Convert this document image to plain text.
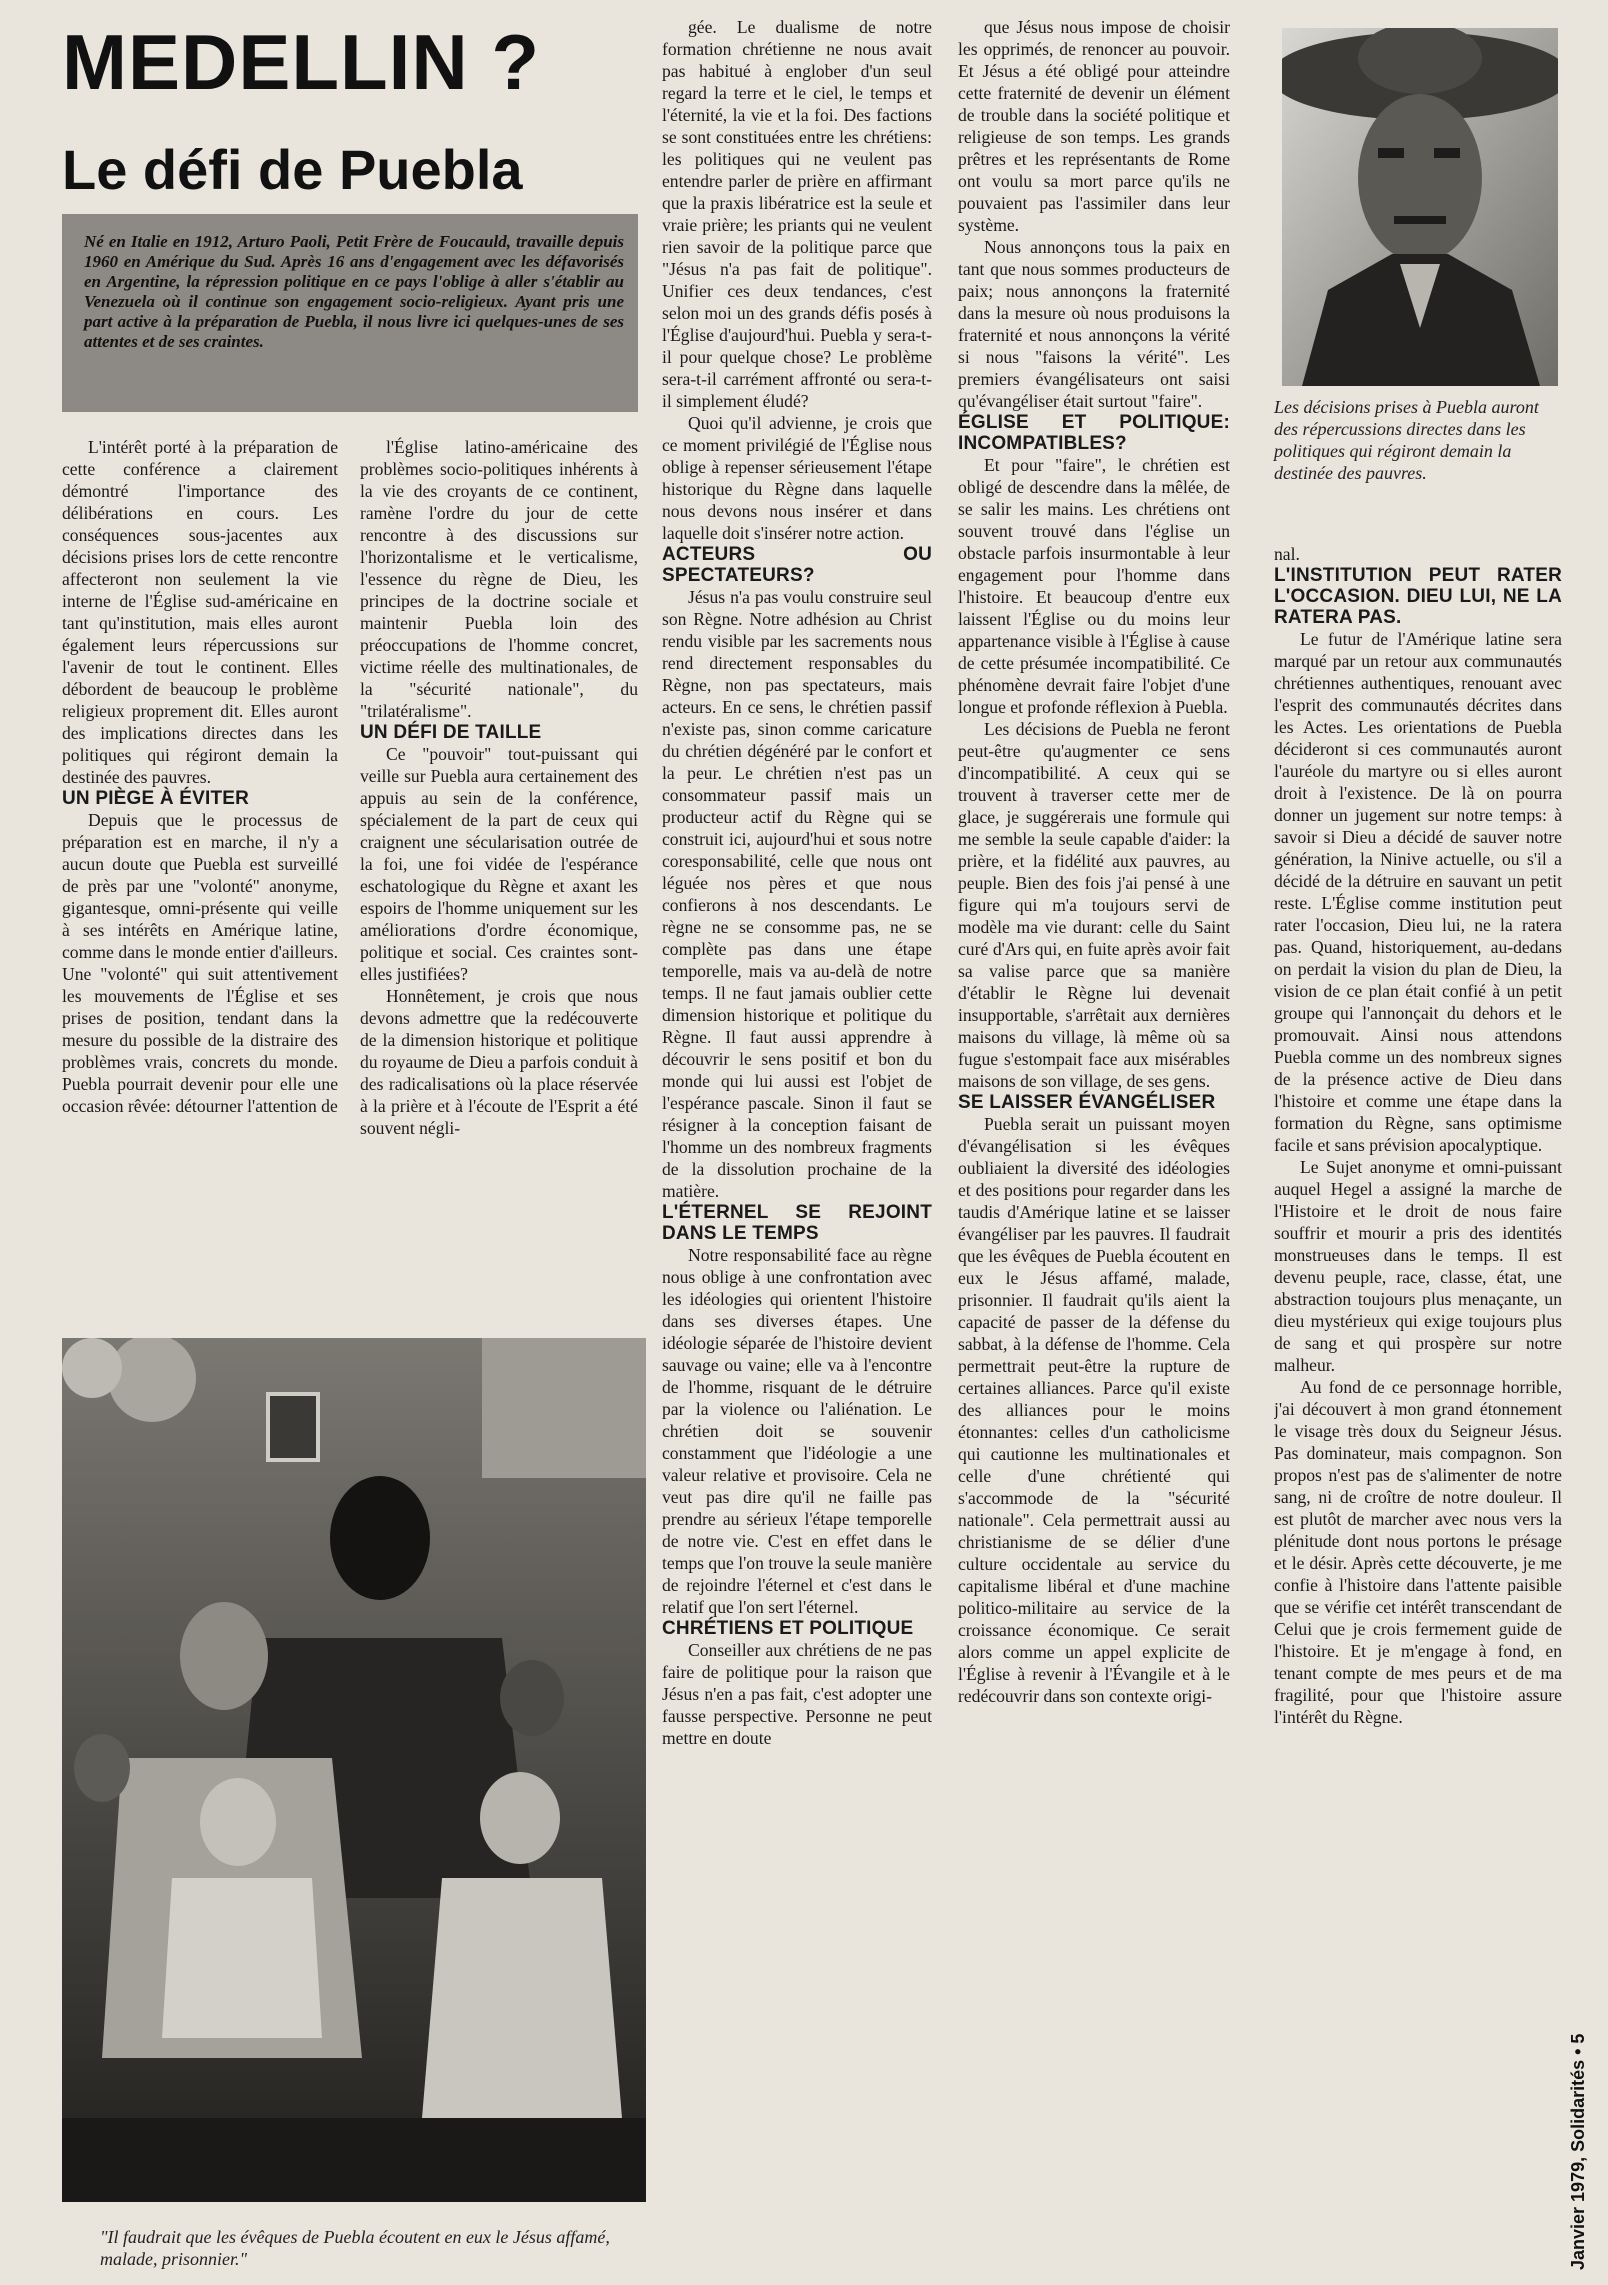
MEDELLIN ?
Le défi de Puebla
Né en Italie en 1912, Arturo Paoli, Petit Frère de Foucauld, travaille depuis 1960 en Amérique du Sud. Après 16 ans d'engagement avec les défavorisés en Argentine, la répression politique en ce pays l'oblige à aller s'établir au Venezuela où il continue son engagement socio-religieux. Ayant pris une part active à la préparation de Puebla, il nous livre ici quelques-unes de ses attentes et de ses craintes.

L'intérêt porté à la préparation de cette conférence a clairement démontré l'importance des délibérations en cours. Les conséquences sous-jacentes aux décisions prises lors de cette rencontre affecteront non seulement la vie interne de l'Église sud-américaine en tant qu'institution, mais elles auront également leurs répercussions sur l'avenir de tout le continent. Elles débordent de beaucoup le problème religieux proprement dit. Elles auront des implications directes dans les politiques qui régiront demain la destinée des pauvres.

UN PIÈGE À ÉVITER

Depuis que le processus de préparation est en marche, il n'y a aucun doute que Puebla est surveillé de près par une "volonté" anonyme, gigantesque, omni-présente qui veille à ses intérêts en Amérique latine, comme dans le monde entier d'ailleurs. Une "volonté" qui suit attentivement les mouvements de l'Église et ses prises de position, tendant dans la mesure du possible de la distraire des problèmes vrais, concrets du monde. Puebla pourrait devenir pour elle une occasion rêvée: détourner l'attention de

l'Église latino-américaine des problèmes socio-politiques inhérents à la vie des croyants de ce continent, ramène l'ordre du jour de cette rencontre à des discussions sur l'horizontalisme et le verticalisme, l'essence du règne de Dieu, les principes de la doctrine sociale et maintenir Puebla loin des préoccupations de l'homme concret, victime réelle des multinationales, de la "sécurité nationale", du "trilatéralisme".

UN DÉFI DE TAILLE

Ce "pouvoir" tout-puissant qui veille sur Puebla aura certainement des appuis au sein de la conférence, spécialement de la part de ceux qui craignent une sécularisation outrée de la foi, une foi vidée de l'espérance eschatologique du Règne et axant les espoirs de l'homme uniquement sur les améliorations d'ordre économique, politique et social. Ces craintes sont-elles justifiées?

Honnêtement, je crois que nous devons admettre que la redécouverte de la dimension historique et politique du royaume de Dieu a parfois conduit à des radicalisations où la place réservée à la prière et à l'écoute de l'Esprit a été souvent négli-

gée. Le dualisme de notre formation chrétienne ne nous avait pas habitué à englober d'un seul regard la terre et le ciel, le temps et l'éternité, la vie et la foi. Des factions se sont constituées entre les chrétiens: les politiques qui ne veulent pas entendre parler de prière en affirmant que la praxis libératrice est la seule et vraie prière; les priants qui ne veulent rien savoir de la politique parce que "Jésus n'a pas fait de politique". Unifier ces deux tendances, c'est selon moi un des grands défis posés à l'Église d'aujourd'hui. Puebla y sera-t-il pour quelque chose? Le problème sera-t-il carrément affronté ou sera-t-il simplement éludé?

Quoi qu'il advienne, je crois que ce moment privilégié de l'Église nous oblige à repenser sérieusement l'étape historique du Règne dans laquelle nous devons nous insérer et dans laquelle doit s'insérer notre action.

ACTEURS OU SPECTATEURS?

Jésus n'a pas voulu construire seul son Règne. Notre adhésion au Christ rendu visible par les sacrements nous rend directement responsables du Règne, non pas spectateurs, mais acteurs. En ce sens, le chrétien passif n'existe pas, sinon comme caricature du chrétien dégénéré par le confort et la peur. Le chrétien n'est pas un consommateur passif mais un producteur actif du Règne qui se construit ici, aujourd'hui et sous notre coresponsabilité, celle que nous ont léguée nos pères et que nous confierons à nos descendants. Le règne ne se consomme pas, ne se complète pas dans une étape temporelle, mais va au-delà de notre temps. Il ne faut jamais oublier cette dimension historique et politique du Règne. Il faut aussi apprendre à découvrir le sens positif et bon du monde qui lui aussi est l'objet de l'espérance pascale. Sinon il faut se résigner à la conception faisant de l'homme un des nombreux fragments de la dissolution prochaine de la matière.

L'ÉTERNEL SE REJOINT DANS LE TEMPS

Notre responsabilité face au règne nous oblige à une confrontation avec les idéologies qui orientent l'histoire dans ses diverses étapes. Une idéologie séparée de l'histoire devient sauvage ou vaine; elle va à l'encontre de l'homme, risquant de le détruire par la violence ou l'aliénation. Le chrétien doit se souvenir constamment que l'idéologie a une valeur relative et provisoire. Cela ne veut pas dire qu'il ne faille pas prendre au sérieux l'étape temporelle de notre vie. C'est en effet dans le temps que l'on trouve la seule manière de rejoindre l'éternel et c'est dans le relatif que l'on sert l'éternel.

CHRÉTIENS ET POLITIQUE

Conseiller aux chrétiens de ne pas faire de politique pour la raison que Jésus n'en a pas fait, c'est adopter une fausse perspective. Personne ne peut mettre en doute

que Jésus nous impose de choisir les opprimés, de renoncer au pouvoir. Et Jésus a été obligé pour atteindre cette fraternité de devenir un élément de trouble dans la société politique et religieuse de son temps. Les grands prêtres et les représentants de Rome ont voulu sa mort parce qu'ils ne pouvaient pas l'assimiler dans leur système.

Nous annonçons tous la paix en tant que nous sommes producteurs de paix; nous annonçons la fraternité dans la mesure où nous produisons la fraternité et nous annonçons la vérité si nous "faisons la vérité". Les premiers évangélisateurs ont saisi qu'évangéliser était surtout "faire".

ÉGLISE ET POLITIQUE: INCOMPATIBLES?

Et pour "faire", le chrétien est obligé de descendre dans la mêlée, de se salir les mains. Les chrétiens ont souvent trouvé dans l'église un obstacle parfois insurmontable à leur engagement pour l'homme dans l'histoire. Et beaucoup d'entre eux laissent l'Église ou du moins leur appartenance visible à l'Église à cause de cette présumée incompatibilité. Ce phénomène devrait faire l'objet d'une longue et profonde réflexion à Puebla.

Les décisions de Puebla ne feront peut-être qu'augmenter ce sens d'incompatibilité. A ceux qui se trouvent à traverser cette mer de glace, je suggérerais une formule qui me semble la seule capable d'aider: la prière, et la fidélité aux pauvres, au peuple. Bien des fois j'ai pensé à une figure qui m'a toujours servi de modèle ma vie durant: celle du Saint curé d'Ars qui, en fuite après avoir fait sa valise parce que sa manière d'établir le Règne lui devenait insupportable, s'arrêtait aux dernières maisons du village, là même où sa fugue s'estompait face aux misérables maisons de son village, de ses gens.

SE LAISSER ÉVANGÉLISER

Puebla serait un puissant moyen d'évangélisation si les évêques oubliaient la diversité des idéologies et des positions pour regarder dans les taudis d'Amérique latine et se laisser évangéliser par les pauvres. Il faudrait que les évêques de Puebla écoutent en eux le Jésus affamé, malade, prisonnier. Il faudrait qu'ils aient la capacité de passer de la défense du sabbat, à la défense de l'homme. Cela permettrait peut-être la rupture de certaines alliances. Parce qu'il existe des alliances pour le moins étonnantes: celles d'un catholicisme qui cautionne les multinationales et celle d'une chrétienté qui s'accommode de la "sécurité nationale". Cela permettrait aussi au christianisme de se délier d'une culture occidentale au service du capitalisme libéral et d'une machine politico-militaire au service de la croissance économique. Ce serait alors comme un appel explicite de l'Église à revenir à l'Évangile et à le redécouvrir dans son contexte origi-

nal.

L'INSTITUTION PEUT RATER L'OCCASION. DIEU LUI, NE LA RATERA PAS.

Le futur de l'Amérique latine sera marqué par un retour aux communautés chrétiennes authentiques, renouant avec l'esprit des communautés décrites dans les Actes. Les orientations de Puebla décideront si ces communautés auront l'auréole du martyre ou si elles auront droit à l'existence. De là on pourra donner un jugement sur notre temps: à savoir si Dieu a décidé de sauver notre génération, la Ninive actuelle, ou s'il a décidé de la détruire en sauvant un petit reste. L'Église comme institution peut rater l'occasion, Dieu lui, ne la ratera pas. Quand, historiquement, au-dedans on perdait la vision du plan de Dieu, la vision de ce plan était confié à un petit groupe qui l'annonçait du dehors et le promouvait. Ainsi nous attendons Puebla comme un des nombreux signes de la présence active de Dieu dans l'histoire et comme une étape dans la formation du Règne, sans optimisme facile et sans prévision apocalyptique.

Le Sujet anonyme et omni-puissant auquel Hegel a assigné la marche de l'Histoire et le droit de nous faire souffrir et mourir a pris des identités monstrueuses dans le temps. Il est devenu peuple, race, classe, état, une abstraction toujours plus menaçante, un dieu mystérieux qui exige toujours plus de sang et qui prospère sur notre malheur.

Au fond de ce personnage horrible, j'ai découvert à mon grand étonnement le visage très doux du Seigneur Jésus. Pas dominateur, mais compagnon. Son propos n'est pas de s'alimenter de notre sang, ni de croître de notre douleur. Il est plutôt de marcher avec nous vers la plénitude dont nous portons le présage et le désir. Après cette découverte, je me confie à l'histoire dans l'attente paisible que se vérifie cet intérêt transcendant de Celui que je crois fermement guide de l'histoire. Et je m'engage à fond, en tenant compte de mes peurs et de ma fragilité, pour que l'histoire assure l'intérêt du Règne.

Les décisions prises à Puebla auront des répercussions directes dans les politiques qui régiront demain la destinée des pauvres.
"Il faudrait que les évêques de Puebla écoutent en eux le Jésus affamé, malade, prisonnier."	Janvier 1979, Solidarités • 5
